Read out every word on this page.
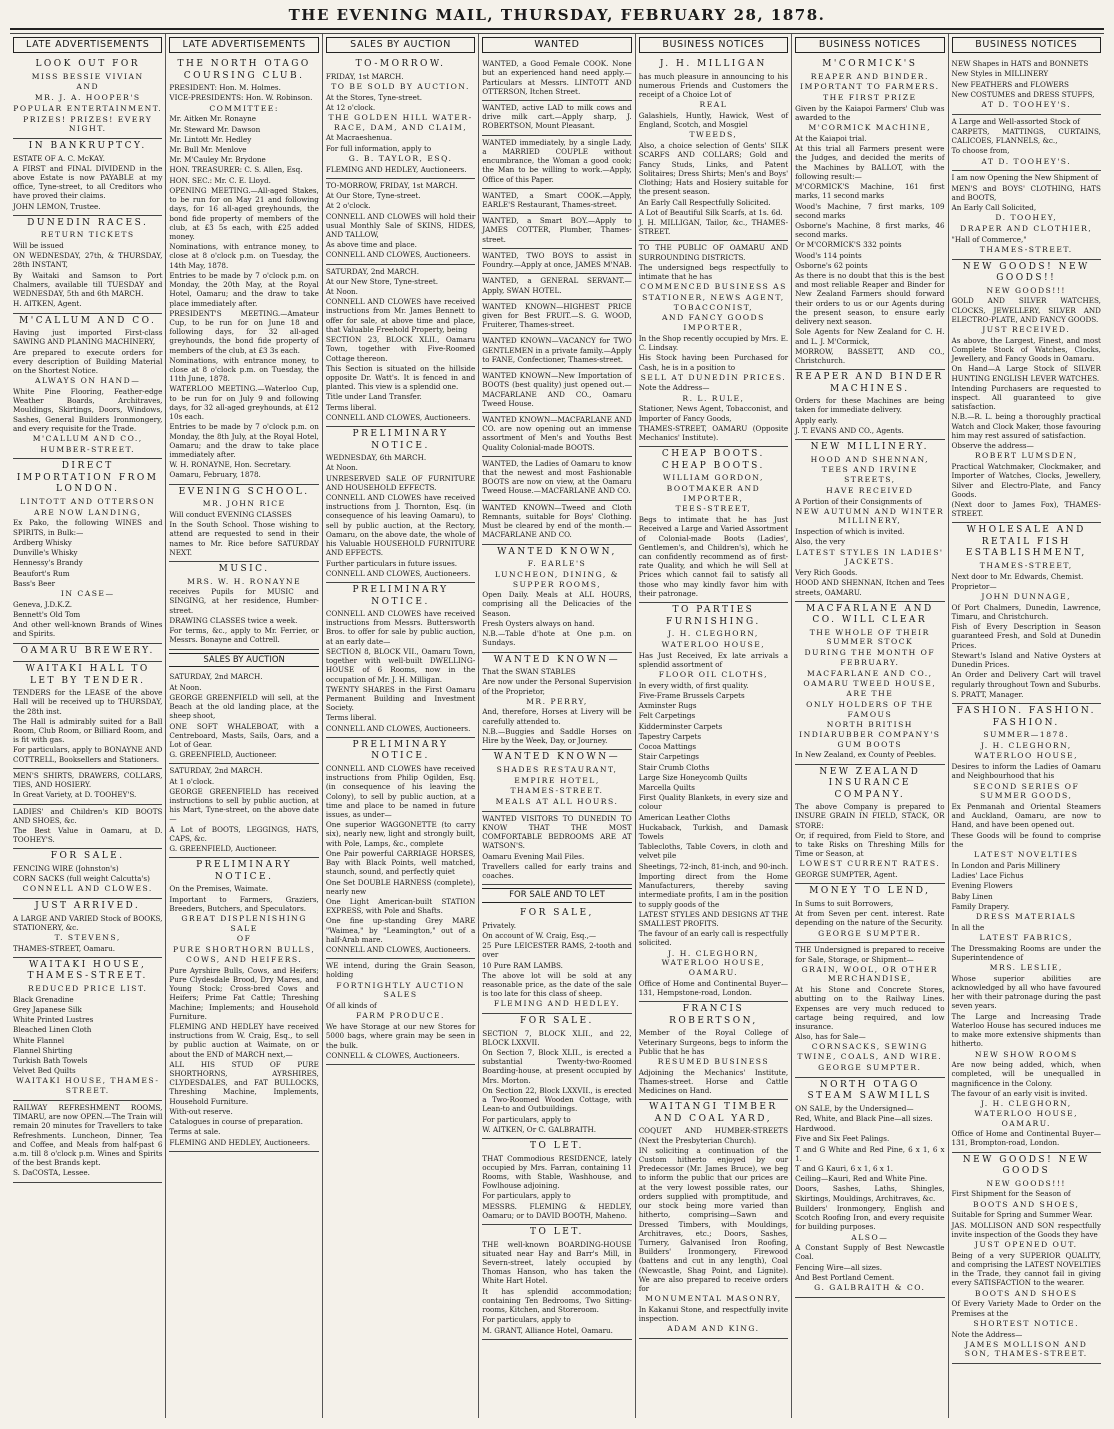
THE EVENING MAIL, THURSDAY, FEBRUARY 28, 1878.
LATE ADVERTISEMENTS

LOOK OUT FOR

MISS BESSIE VIVIAN

AND

MR. J. A. HOOPER'S

POPULAR ENTERTAINMENT.

PRIZES! PRIZES! EVERY NIGHT.

IN BANKRUPTCY.

ESTATE OF A. C. McKAY.

A FIRST and FINAL DIVIDEND in the above Estate is now PAYABLE at my office, Tyne-street, to all Creditors who have proved their claims.

JOHN LEMON, Trustee.

DUNEDIN RACES.

RETURN TICKETS

Will be issued

ON WEDNESDAY, 27th, & THURSDAY, 28th INSTANT,

By Waitaki and Samson to Port Chalmers, available till TUESDAY and WEDNESDAY, 5th and 6th MARCH.

H. AITKEN, Agent.

M'CALLUM AND CO.

Having just imported First-class SAWING AND PLANING MACHINERY,

Are prepared to execute orders for every description of Building Material on the Shortest Notice.

ALWAYS ON HAND—

White Pine Flooring, Feather-edge Weather Boards, Architraves, Mouldings, Skirtings, Doors, Windows, Sashes, General Builders Ironmongery, and every requisite for the Trade.

M'CALLUM AND CO.,

HUMBER-STREET.

DIRECT IMPORTATION FROM LONDON.

LINTOTT AND OTTERSON

ARE NOW LANDING,

Ex Pako, the following WINES and SPIRITS, in Bulk:—

Ardberg Whisky

Dunville's Whisky

Hennessy's Brandy

Beaufort's Rum

Bass's Beer

IN CASE—

Geneva, J.D.K.Z.

Bennett's Old Tom

And other well-known Brands of Wines and Spirits.

OAMARU BREWERY.

WAITAKI HALL TO LET BY TENDER.

TENDERS for the LEASE of the above Hall will be received up to THURSDAY, the 28th inst.

The Hall is admirably suited for a Ball Room, Club Room, or Billiard Room, and is fit with gas.

For particulars, apply to BONAYNE AND COTTRELL, Booksellers and Stationers.

MEN'S SHIRTS, DRAWERS, COLLARS, TIES, AND HOSIERY.

In Great Variety, at D. TOOHEY'S.

LADIES' and Children's KID BOOTS AND SHOES, &c.

The Best Value in Oamaru, at D. TOOHEY'S.

FOR SALE.

FENCING WIRE (Johnston's)

CORN SACKS (full weight Calcutta's)

CONNELL AND CLOWES.

JUST ARRIVED.

A LARGE AND VARIED Stock of BOOKS, STATIONERY, &c.

T. STEVENS,

THAMES-STREET, Oamaru.

WAITAKI HOUSE, THAMES-STREET.

REDUCED PRICE LIST.

Black Grenadine

Grey Japanese Silk

White Printed Lustres

Bleached Linen Cloth

White Flannel

Flannel Shirting

Turkish Bath Towels

Velvet Bed Quilts

WAITAKI HOUSE, THAMES-STREET.

RAILWAY REFRESHMENT ROOMS, TIMARU, are now OPEN.—The Train will remain 20 minutes for Travellers to take Refreshments. Luncheon, Dinner, Tea and Coffee, and Meals from half-past 6 a.m. till 8 o'clock p.m. Wines and Spirits of the best Brands kept.

S. DaCOSTA, Lessee.

LATE ADVERTISEMENTS

THE NORTH OTAGO COURSING CLUB.

PRESIDENT: Hon. M. Holmes.

VICE-PRESIDENTS: Hon. W. Robinson.

COMMITTEE:

Mr. Aitken Mr. Ronayne

Mr. Steward Mr. Dawson

Mr. Lintott Mr. Hedley

Mr. Bull Mr. Menlove

Mr. M'Cauley Mr. Brydone

HON. TREASURER: C. S. Allen, Esq.

HON. SEC.: Mr. C. E. Lloyd.

OPENING MEETING.—All-aged Stakes, to be run for on May 21 and following days, for 16 all-aged greyhounds, the bond fide property of members of the club, at £3 5s each, with £25 added money.

Nominations, with entrance money, to close at 8 o'clock p.m. on Tuesday, the 14th May, 1878.

Entries to be made by 7 o'clock p.m. on Monday, the 20th May, at the Royal Hotel, Oamaru; and the draw to take place immediately after.

PRESIDENT'S MEETING.—Amateur Cup, to be run for on June 18 and following days, for 32 all-aged greyhounds, the bond fide property of members of the club, at £3 3s each.

Nominations, with entrance money, to close at 8 o'clock p.m. on Tuesday, the 11th June, 1878.

WATERLOO MEETING.—Waterloo Cup, to be run for on July 9 and following days, for 32 all-aged greyhounds, at £12 10s each.

Entries to be made by 7 o'clock p.m. on Monday, the 8th July, at the Royal Hotel, Oamaru; and the draw to take place immediately after.

W. H. RONAYNE, Hon. Secretary.

Oamaru, February, 1878.

EVENING SCHOOL.

MR. JOHN RICE

Will conduct EVENING CLASSES

In the South School. Those wishing to attend are requested to send in their names to Mr. Rice before SATURDAY NEXT.

MUSIC.

MRS. W. H. RONAYNE

receives Pupils for MUSIC and SINGING, at her residence, Humber-street.

DRAWING CLASSES twice a week.

For terms, &c., apply to Mr. Ferrier, or Messrs. Bonayne and Cottrell.

SALES BY AUCTION

SATURDAY, 2nd MARCH.

At Noon.

GEORGE GREENFIELD will sell, at the Beach at the old landing place, at the sheep shoot,

ONE SOFT WHALEBOAT, with a Centreboard, Masts, Sails, Oars, and a Lot of Gear.

G. GREENFIELD, Auctioneer.

SATURDAY, 2nd MARCH.

At 1 o'clock.

GEORGE GREENFIELD has received instructions to sell by public auction, at his Mart, Tyne-street, on the above date—

A Lot of BOOTS, LEGGINGS, HATS, CAPS, &c.

G. GREENFIELD, Auctioneer.

PRELIMINARY NOTICE.

On the Premises, Waimate.

Important to Farmers, Graziers, Breeders, Butchers, and Speculators.

GREAT DISPLENISHING SALE

OF

PURE SHORTHORN BULLS, COWS, AND HEIFERS.

Pure Ayrshire Bulls, Cows, and Heifers; Pure Clydesdale Brood, Dry Mares, and Young Stock; Cross-bred Cows and Heifers; Prime Fat Cattle; Threshing Machine; Implements; and Household Furniture.

FLEMING AND HEDLEY have received instructions from W. Craig, Esq., to sell by public auction at Waimate, on or about the END of MARCH next,—

ALL HIS STUD OF PURE SHORTHORNS, AYRSHIRES, CLYDESDALES, and FAT BULLOCKS, Threshing Machine, Implements, Household Furniture.

With-out reserve.

Catalogues in course of preparation.

Terms at sale.

FLEMING AND HEDLEY, Auctioneers.

SALES BY AUCTION

TO-MORROW.

FRIDAY, 1st MARCH.

TO BE SOLD BY AUCTION.

At the Stores, Tyne-street.

At 12 o'clock.

THE GOLDEN HILL WATER-RACE, DAM, AND CLAIM,

At Macraeshenua.

For full information, apply to

G. B. TAYLOR, ESQ.

FLEMING AND HEDLEY, Auctioneers.

TO-MORROW, FRIDAY, 1st MARCH.

At Our Store, Tyne-street.

At 2 o'clock.

CONNELL AND CLOWES will hold their usual Monthly Sale of SKINS, HIDES, AND TALLOW,

As above time and place.

CONNELL AND CLOWES, Auctioneers.

SATURDAY, 2nd MARCH.

At our New Store, Tyne-street.

At Noon.

CONNELL AND CLOWES have received instructions from Mr. James Bennett to offer for sale, at above time and place, that Valuable Freehold Property, being

SECTION 23, BLOCK XLII., Oamaru Town, together with Five-Roomed Cottage thereon.

This Section is situated on the hillside opposite Dr. Watt's. It is fenced in and planted. This view is a splendid one.

Title under Land Transfer.

Terms liberal.

CONNELL AND CLOWES, Auctioneers.

PRELIMINARY NOTICE.

WEDNESDAY, 6th MARCH.

At Noon.

UNRESERVED SALE OF FURNITURE AND HOUSEHOLD EFFECTS.

CONNELL AND CLOWES have received instructions from J. Thornton, Esq. (in consequence of his leaving Oamaru), to sell by public auction, at the Rectory, Oamaru, on the above date, the whole of his Valuable HOUSEHOLD FURNITURE AND EFFECTS.

Further particulars in future issues.

CONNELL AND CLOWES, Auctioneers.

PRELIMINARY NOTICE.

CONNELL AND CLOWES have received instructions from Messrs. Buttersworth Bros. to offer for sale by public auction, at an early date—

SECTION 8, BLOCK VII., Oamaru Town, together with well-built DWELLING-HOUSE of 6 Rooms, now in the occupation of Mr. J. H. Milligan.

TWENTY SHARES in the First Oamaru Permanent Building and Investment Society.

Terms liberal.

CONNELL AND CLOWES, Auctioneers.

PRELIMINARY NOTICE.

CONNELL AND CLOWES have received instructions from Philip Ogilden, Esq. (in consequence of his leaving the Colony), to sell by public auction, at a time and place to be named in future issues, as under—

One superior WAGGONETTE (to carry six), nearly new, light and strongly built, with Pole, Lamps, &c., complete

One Pair powerful CARRIAGE HORSES, Bay with Black Points, well matched, staunch, sound, and perfectly quiet

One Set DOUBLE HARNESS (complete), nearly new

One Light American-built STATION EXPRESS, with Pole and Shafts.

One fine up-standing Grey MARE "Waimea," by "Leamington," out of a half-Arab mare.

CONNELL AND CLOWES, Auctioneers.

WE intend, during the Grain Season, holding

FORTNIGHTLY AUCTION SALES

Of all kinds of

FARM PRODUCE.

We have Storage at our new Stores for 5000 bags, where grain may be seen in the bulk.

CONNELL & CLOWES, Auctioneers.

WANTED

WANTED, a Good Female COOK. None but an experienced hand need apply.—Particulars at Messrs. LINTOTT AND OTTERSON, Itchen Street.

WANTED, active LAD to milk cows and drive milk cart.—Apply sharp, J. ROBERTSON, Mount Pleasant.

WANTED immediately, by a single Lady, a MARRIED COUPLE without encumbrance, the Woman a good cook; the Man to be willing to work.—Apply, Office of this Paper.

WANTED, a Smart COOK.—Apply, EARLE'S Restaurant, Thames-street.

WANTED, a Smart BOY.—Apply to JAMES COTTER, Plumber, Thames-street.

WANTED, TWO BOYS to assist in Foundry.—Apply at once, JAMES M'NAB.

WANTED, a GENERAL SERVANT.—Apply, SWAN HOTEL.

WANTED KNOWN—HIGHEST PRICE given for Best FRUIT.—S. G. WOOD, Fruiterer, Thames-street.

WANTED KNOWN—VACANCY for TWO GENTLEMEN in a private family.—Apply to FANE, Confectioner, Thames-street.

WANTED KNOWN—New Importation of BOOTS (best quality) just opened out.—MACFARLANE AND CO., Oamaru Tweed House.

WANTED KNOWN—MACFARLANE AND CO. are now opening out an immense assortment of Men's and Youths Best Quality Colonial-made BOOTS.

WANTED, the Ladies of Oamaru to know that the newest and most Fashionable BOOTS are now on view, at the Oamaru Tweed House.—MACFARLANE AND CO.

WANTED KNOWN—Tweed and Cloth Remnants, suitable for Boys' Clothing. Must be cleared by end of the month.—MACFARLANE AND CO.

WANTED KNOWN,

F. EARLE'S

LUNCHEON, DINING, & SUPPER ROOMS,

Open Daily. Meals at ALL HOURS, comprising all the Delicacies of the Season.

Fresh Oysters always on hand.

N.B.—Table d'hote at One p.m. on Sundays.

WANTED KNOWN—

That the SWAN STABLES

Are now under the Personal Supervision of the Proprietor,

MR. PERRY,

And, therefore, Horses at Livery will be carefully attended to.

N.B.—Buggies and Saddle Horses on Hire by the Week, Day, or Journey.

WANTED KNOWN—

SHADES RESTAURANT,

EMPIRE HOTEL,

THAMES-STREET.

MEALS AT ALL HOURS.

WANTED VISITORS TO DUNEDIN TO KNOW THAT THE MOST COMFORTABLE BEDROOMS ARE AT WATSON'S.

Oamaru Evening Mail Files.

Travellers called for early trains and coaches.

FOR SALE AND TO LET

FOR SALE,

Privately.

On account of W. Craig, Esq.,—

25 Pure LEICESTER RAMS, 2-tooth and over

10 Pure RAM LAMBS.

The above lot will be sold at any reasonable price, as the date of the sale is too late for this class of sheep.

FLEMING AND HEDLEY.

FOR SALE.

SECTION 7, BLOCK XLII., and 22, BLOCK LXXVII.

On Section 7, Block XLII., is erected a substantial Twenty-two-Roomed Boarding-house, at present occupied by Mrs. Morton.

On Section 22, Block LXXVII., is erected a Two-Roomed Wooden Cottage, with Lean-to and Outbuildings.

For particulars, apply to

W. AITKEN, Or C. GALBRAITH.

TO LET.

THAT Commodious RESIDENCE, lately occupied by Mrs. Farran, containing 11 Rooms, with Stable, Washhouse, and Fowlhouse adjoining.

For particulars, apply to

MESSRS. FLEMING & HEDLEY, Oamaru; or to DAVID BOOTH, Maheno.

TO LET.

THE well-known BOARDING-HOUSE situated near Hay and Barr's Mill, in Severn-street, lately occupied by Thomas Hanson, who has taken the White Hart Hotel.

It has splendid accommodation; containing Ten Bedrooms, Two Sitting-rooms, Kitchen, and Storeroom.

For particulars, apply to

M. GRANT, Alliance Hotel, Oamaru.

BUSINESS NOTICES

J. H. MILLIGAN

has much pleasure in announcing to his numerous Friends and Customers the receipt of a Choice Lot of

REAL

Galashiels, Huntly, Hawick, West of England, Scotch, and Mosgiel

TWEEDS,

Also, a choice selection of Gents' SILK SCARFS AND COLLARS; Gold and Fancy Studs, Links, and Patent Solitaires; Dress Shirts; Men's and Boys' Clothing; Hats and Hosiery suitable for the present season.

An Early Call Respectfully Solicited.

A Lot of Beautiful Silk Scarfs, at 1s. 6d.

J. H. MILLIGAN, Tailor, &c., THAMES-STREET.

TO THE PUBLIC OF OAMARU AND SURROUNDING DISTRICTS.

The undersigned begs respectfully to intimate that he has

COMMENCED BUSINESS AS

STATIONER, NEWS AGENT, TOBACCONIST,

AND FANCY GOODS IMPORTER,

In the Shop recently occupied by Mrs. E. C. Lindsay.

His Stock having been Purchased for Cash, he is in a position to

SELL AT DUNEDIN PRICES.

Note the Address—

R. L. RULE,

Stationer, News Agent, Tobacconist, and Importer of Fancy Goods,

THAMES-STREET, OAMARU (Opposite Mechanics' Institute).

CHEAP BOOTS. CHEAP BOOTS.

WILLIAM GORDON,

BOOTMAKER AND IMPORTER,

TEES-STREET,

Begs to intimate that he has Just Received a Large and Varied Assortment of Colonial-made Boots (Ladies', Gentlemen's, and Children's), which he can confidently recommend as of first-rate Quality, and which he will Sell at Prices which cannot fail to satisfy all those who may kindly favor him with their patronage.

TO PARTIES FURNISHING.

J. H. CLEGHORN,

WATERLOO HOUSE,

Has Just Received, Ex late arrivals a splendid assortment of

FLOOR OIL CLOTHS,

In every width, of first quality.

Five-Frame Brussels Carpets

Axminster Rugs

Felt Carpetings

Kidderminster Carpets

Tapestry Carpets

Cocoa Mattings

Stair Carpetings

Stair Crumb Cloths

Large Size Honeycomb Quilts

Marcella Quilts

First Quality Blankets, in every size and colour

American Leather Cloths

Huckaback, Turkish, and Damask Towels

Tablecloths, Table Covers, in cloth and velvet pile

Sheetings, 72-inch, 81-inch, and 90-inch.

Importing direct from the Home Manufacturers, thereby saving intermediate profits, I am in the position to supply goods of the

LATEST STYLES AND DESIGNS AT THE SMALLEST PROFITS.

The favour of an early call is respectfully solicited.

J. H. CLEGHORN, WATERLOO HOUSE, OAMARU.

Office of Home and Continental Buyer—131, Hempstone-road, London.

FRANCIS ROBERTSON,

Member of the Royal College of Veterinary Surgeons, begs to inform the Public that he has

RESUMED BUSINESS

Adjoining the Mechanics' Institute, Thames-street. Horse and Cattle Medicines on Hand.

WAITANGI TIMBER AND COAL YARD,

COQUET AND HUMBER-STREETS (Next the Presbyterian Church).

IN soliciting a continuation of the Custom hitherto enjoyed by our Predecessor (Mr. James Bruce), we beg to inform the public that our prices are at the very lowest possible rates, our orders supplied with promptitude, and our stock being more varied than hitherto, comprising—Sawn and Dressed Timbers, with Mouldings, Architraves, etc.; Doors, Sashes, Turnery, Galvanised Iron Roofing, Builders' Ironmongery, Firewood (battens and cut in any length), Coal (Newcastle, Shag Point, and Lignite). We are also prepared to receive orders for

MONUMENTAL MASONRY,

In Kakanui Stone, and respectfully invite inspection.

ADAM AND KING.

BUSINESS NOTICES

M'CORMICK'S

REAPER AND BINDER.

IMPORTANT TO FARMERS.

THE FIRST PRIZE

Given by the Kaiapoi Farmers' Club was awarded to the

M'CORMICK MACHINE,

At the Kaiapoi trial.

At this trial all Farmers present were the Judges, and decided the merits of the Machines by BALLOT, with the following result:—

M'CORMICK'S Machine, 161 first marks, 11 second marks

Wood's Machine, 7 first marks, 109 second marks

Osborne's Machine, 8 first marks, 46 second marks.

Or M'CORMICK'S 332 points

Wood's 114 points

Osborne's 62 points

As there is no doubt that this is the best and most reliable Reaper and Binder for New Zealand Farmers should forward their orders to us or our Agents during the present season, to ensure early delivery next season.

Sole Agents for New Zealand for C. H. and L. J. M'Cormick,

MORROW, BASSETT, AND CO., Christchurch.

REAPER AND BINDER MACHINES.

Orders for these Machines are being taken for immediate delivery.

Apply early.

J. T. EVANS AND CO., Agents.

NEW MILLINERY.

HOOD AND SHENNAN,

TEES AND IRVINE STREETS,

HAVE RECEIVED

A Portion of their Consignments of

NEW AUTUMN AND WINTER MILLINERY,

Inspection of which is invited.

Also, the very

LATEST STYLES IN LADIES' JACKETS.

Very Rich Goods.

HOOD AND SHENNAN, Itchen and Tees streets, OAMARU.

MACFARLANE AND CO. WILL CLEAR

THE WHOLE OF THEIR SUMMER STOCK

DURING THE MONTH OF FEBRUARY.

MACFARLANE AND CO.,

OAMARU TWEED HOUSE, ARE THE

ONLY HOLDERS OF THE FAMOUS

NORTH BRITISH INDIARUBBER COMPANY'S GUM BOOTS

In New Zealand, ex County of Peebles.

NEW ZEALAND INSURANCE COMPANY.

The above Company is prepared to INSURE GRAIN IN FIELD, STACK, OR STORE:

Or, if required, from Field to Store, and to take Risks on Threshing Mills for Time or Season, at

LOWEST CURRENT RATES.

GEORGE SUMPTER, Agent.

MONEY TO LEND,

In Sums to suit Borrowers,

At from Seven per cent. interest. Rate depending on the nature of the Security.

GEORGE SUMPTER.

THE Undersigned is prepared to receive for Sale, Storage, or Shipment—

GRAIN, WOOL, OR OTHER MERCHANDISE,

At his Stone and Concrete Stores, abutting on to the Railway Lines. Expenses are very much reduced to cartage being required, and low insurance.

Also, has for Sale—

CORNSACKS, SEWING TWINE, COALS, AND WIRE.

GEORGE SUMPTER.

NORTH OTAGO STEAM SAWMILLS

ON SALE, by the Undersigned—

Red, White, and Black Pine—all sizes.

Hardwood.

Five and Six Feet Palings.

T and G White and Red Pine, 6 x 1, 6 x 1.

T and G Kauri, 6 x 1, 6 x 1.

Ceiling—Kauri, Red and White Pine.

Doors, Sashes, Laths, Shingles, Skirtings, Mouldings, Architraves, &c.

Builders' Ironmongery, English and Scotch Roofing Iron, and every requisite for building purposes.

ALSO—

A Constant Supply of Best Newcastle Coal.

Fencing Wire—all sizes.

And Best Portland Cement.

G. GALBRAITH & CO.

BUSINESS NOTICES

NEW Shapes in HATS and BONNETS

New Styles in MILLINERY

New FEATHERS and FLOWERS

New COSTUMES and DRESS STUFFS,

AT D. TOOHEY'S.

A Large and Well-assorted Stock of

CARPETS, MATTINGS, CURTAINS, CALICOES, FLANNELS, &c.,

To choose from,

AT D. TOOHEY'S.

I am now Opening the New Shipment of

MEN'S and BOYS' CLOTHING, HATS and BOOTS,

An Early Call Solicited,

D. TOOHEY,

DRAPER AND CLOTHIER,

"Hall of Commerce,"

THAMES-STREET.

NEW GOODS! NEW GOODS!!

NEW GOODS!!!

GOLD AND SILVER WATCHES, CLOCKS, JEWELLERY, SILVER AND ELECTRO-PLATE, AND FANCY GOODS.

JUST RECEIVED.

As above, the Largest, Finest, and most Complete Stock of Watches, Clocks, Jewellery, and Fancy Goods in Oamaru.

On Hand—A Large Stock of SILVER HUNTING ENGLISH LEVER WATCHES.

Intending Purchasers are requested to inspect. All guaranteed to give satisfaction.

N.B.—R. L. being a thoroughly practical Watch and Clock Maker, those favouring him may rest assured of satisfaction.

Observe the address—

ROBERT LUMSDEN,

Practical Watchmaker, Clockmaker, and Importer of Watches, Clocks, Jewellery, Silver and Electro-Plate, and Fancy Goods.

(Next door to James Fox), THAMES-STREET.

WHOLESALE AND RETAIL FISH ESTABLISHMENT,

THAMES-STREET,

Next door to Mr. Edwards, Chemist.

Proprietor—

JOHN DUNNAGE,

Of Port Chalmers, Dunedin, Lawrence, Timaru, and Christchurch.

Fish of Every Description in Season guaranteed Fresh, and Sold at Dunedin Prices.

Stewart's Island and Native Oysters at Dunedin Prices.

An Order and Delivery Cart will travel regularly throughout Town and Suburbs.

S. PRATT, Manager.

FASHION. FASHION. FASHION.

SUMMER—1878.

J. H. CLEGHORN,

WATERLOO HOUSE,

Desires to inform the Ladies of Oamaru and Neighbourhood that his

SECOND SERIES OF SUMMER GOODS,

Ex Penmanah and Oriental Steamers and Auckland, Oamaru, are now to Hand, and have been opened out.

These Goods will be found to comprise the

LATEST NOVELTIES

In London and Paris Millinery

Ladies' Lace Fichus

Evening Flowers

Baby Linen

Family Drapery.

DRESS MATERIALS

In all the

LATEST FABRICS,

The Dressmaking Rooms are under the Superintendence of

MRS. LESLIE,

Whose superior abilities are acknowledged by all who have favoured her with their patronage during the past seven years.

The Large and Increasing Trade Waterloo House has secured induces me to make more extensive shipments than hitherto.

NEW SHOW ROOMS

Are now being added, which, when completed, will be unequalled in magnificence in the Colony.

The favour of an early visit is invited.

J. H. CLEGHORN, WATERLOO HOUSE, OAMARU.

Office of Home and Continental Buyer—131, Brompton-road, London.

NEW GOODS! NEW GOODS

NEW GOODS!!!

First Shipment for the Season of

BOOTS AND SHOES,

Suitable for Spring and Summer Wear.

JAS. MOLLISON AND SON respectfully invite inspection of the Goods they have

JUST OPENED OUT.

Being of a very SUPERIOR QUALITY, and comprising the LATEST NOVELTIES in the Trade, they cannot fail in giving every SATISFACTION to the wearer.

BOOTS AND SHOES

Of Every Variety Made to Order on the Premises at the

SHORTEST NOTICE.

Note the Address—

JAMES MOLLISON AND SON, THAMES-STREET.
